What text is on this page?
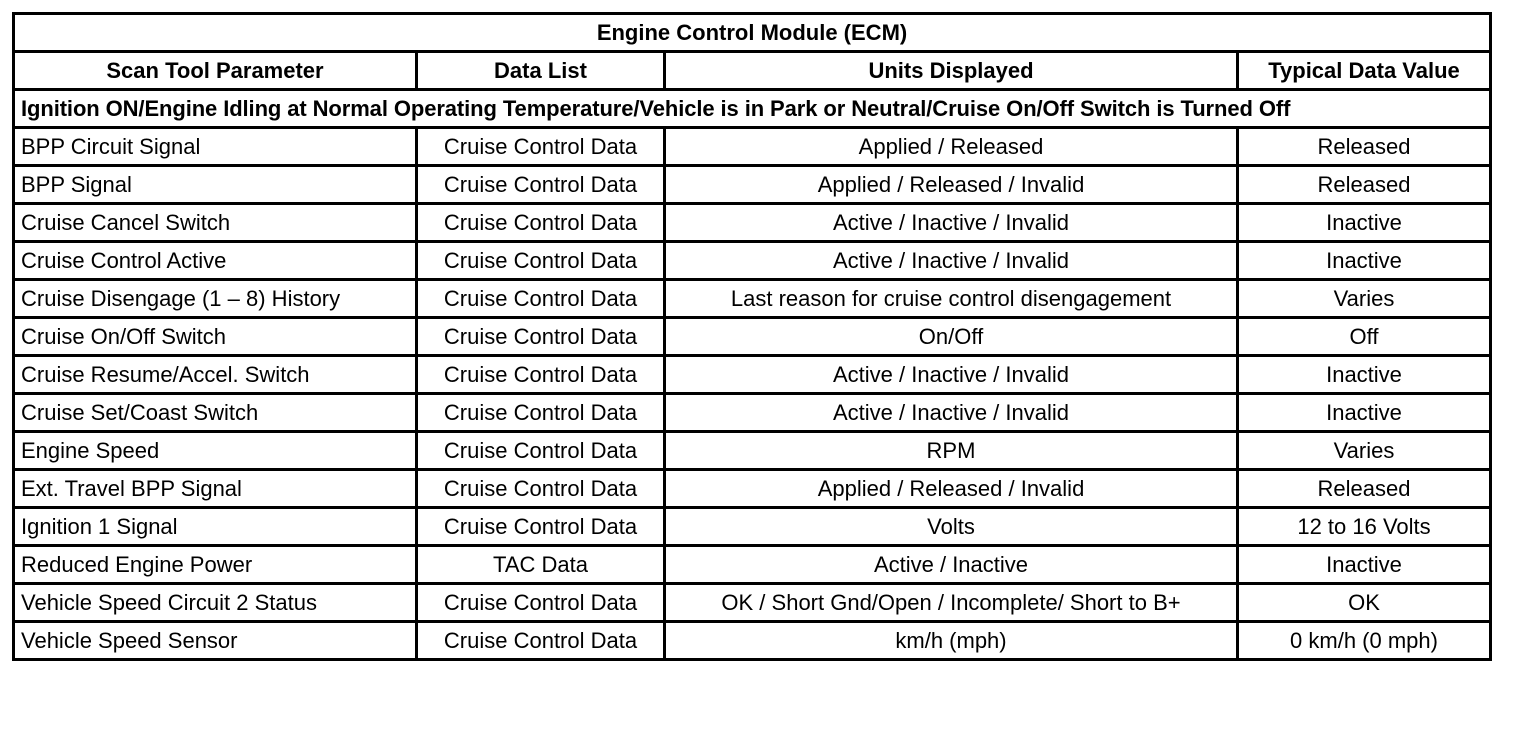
Engine Control Module (ECM)			
Scan Tool Parameter	Data List	Units Displayed	Typical Data Value
Ignition ON/Engine Idling at Normal Operating Temperature/Vehicle is in Park or Neutral/Cruise On/Off Switch is Turned Off			
BPP Circuit Signal	Cruise Control Data	Applied / Released	Released
BPP Signal	Cruise Control Data	Applied / Released / Invalid	Released
Cruise Cancel Switch	Cruise Control Data	Active / Inactive / Invalid	Inactive
Cruise Control Active	Cruise Control Data	Active / Inactive / Invalid	Inactive
Cruise Disengage (1 – 8) History	Cruise Control Data	Last reason for cruise control disengagement	Varies
Cruise On/Off Switch	Cruise Control Data	On/Off	Off
Cruise Resume/Accel. Switch	Cruise Control Data	Active / Inactive / Invalid	Inactive
Cruise Set/Coast Switch	Cruise Control Data	Active / Inactive / Invalid	Inactive
Engine Speed	Cruise Control Data	RPM	Varies
Ext. Travel BPP Signal	Cruise Control Data	Applied / Released / Invalid	Released
Ignition 1 Signal	Cruise Control Data	Volts	12 to 16 Volts
Reduced Engine Power	TAC Data	Active / Inactive	Inactive
Vehicle Speed Circuit 2 Status	Cruise Control Data	OK / Short Gnd/Open / Incomplete/ Short to B+	OK
Vehicle Speed Sensor	Cruise Control Data	km/h (mph)	0 km/h (0 mph)
